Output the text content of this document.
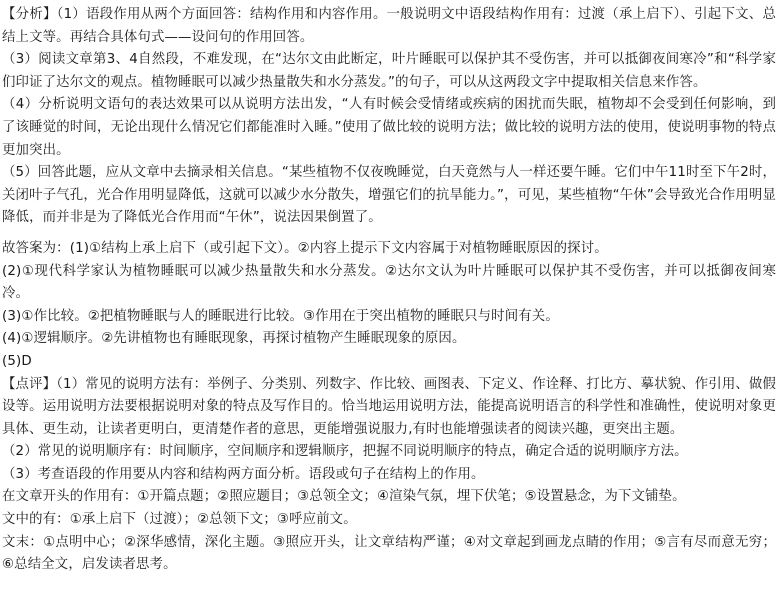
【分析】（1）语段作用从两个方面回答：结构作用和内容作用。一般说明文中语段结构作用有：过渡（承上启下）、引起下文、总结上文等。再结合具体句式——设问句的作用回答。

（3）阅读文章第3、4自然段，不难发现，在“达尔文由此断定，叶片睡眠可以保护其不受伤害，并可以抵御夜间寒冷”和“科学家们印证了达尔文的观点。植物睡眠可以减少热量散失和水分蒸发。”的句子，可以从这两段文字中提取相关信息来作答。

（4）分析说明文语句的表达效果可以从说明方法出发，“人有时候会受情绪或疾病的困扰而失眠，植物却不会受到任何影响，到了该睡觉的时间，无论出现什么情况它们都能准时入睡。”使用了做比较的说明方法；做比较的说明方法的使用，使说明事物的特点更加突出。

（5）回答此题，应从文章中去摘录相关信息。“某些植物不仅夜晚睡觉，白天竟然与人一样还要午睡。它们中午11时至下午2时，关闭叶子气孔，光合作用明显降低，这就可以减少水分散失，增强它们的抗旱能力。”，可见，某些植物“午休”会导致光合作用明显降低，而并非是为了降低光合作用而“午休”，说法因果倒置了。

故答案为：(1)①结构上承上启下（或引起下文）。②内容上提示下文内容属于对植物睡眠原因的探讨。

(2)①现代科学家认为植物睡眠可以减少热量散失和水分蒸发。②达尔文认为叶片睡眠可以保护其不受伤害，并可以抵御夜间寒冷。

(3)①作比较。②把植物睡眠与人的睡眠进行比较。③作用在于突出植物的睡眠只与时间有关。

(4)①逻辑顺序。②先讲植物也有睡眠现象，再探讨植物产生睡眠现象的原因。

(5)D

【点评】（1）常见的说明方法有：举例子、分类别、列数字、作比较、画图表、下定义、作诠释、打比方、摹状貌、作引用、做假设等。运用说明方法要根据说明对象的特点及写作目的。恰当地运用说明方法，能提高说明语言的科学性和准确性，使说明对象更具体、更生动，让读者更明白，更清楚作者的意思，更能增强说服力,有时也能增强读者的阅读兴趣，更突出主题。

（2）常见的说明顺序有：时间顺序，空间顺序和逻辑顺序，把握不同说明顺序的特点，确定合适的说明顺序方法。

（3）考查语段的作用要从内容和结构两方面分析。语段或句子在结构上的作用。

在文章开头的作用有：①开篇点题；②照应题目；③总领全文；④渲染气氛，埋下伏笔；⑤设置悬念，为下文铺垫。

文中的有：①承上启下（过渡）；②总领下文；③呼应前文。

文末：①点明中心；②深华感情，深化主题。③照应开头，让文章结构严谨；④对文章起到画龙点睛的作用；⑤言有尽而意无穷；⑥总结全文，启发读者思考。
